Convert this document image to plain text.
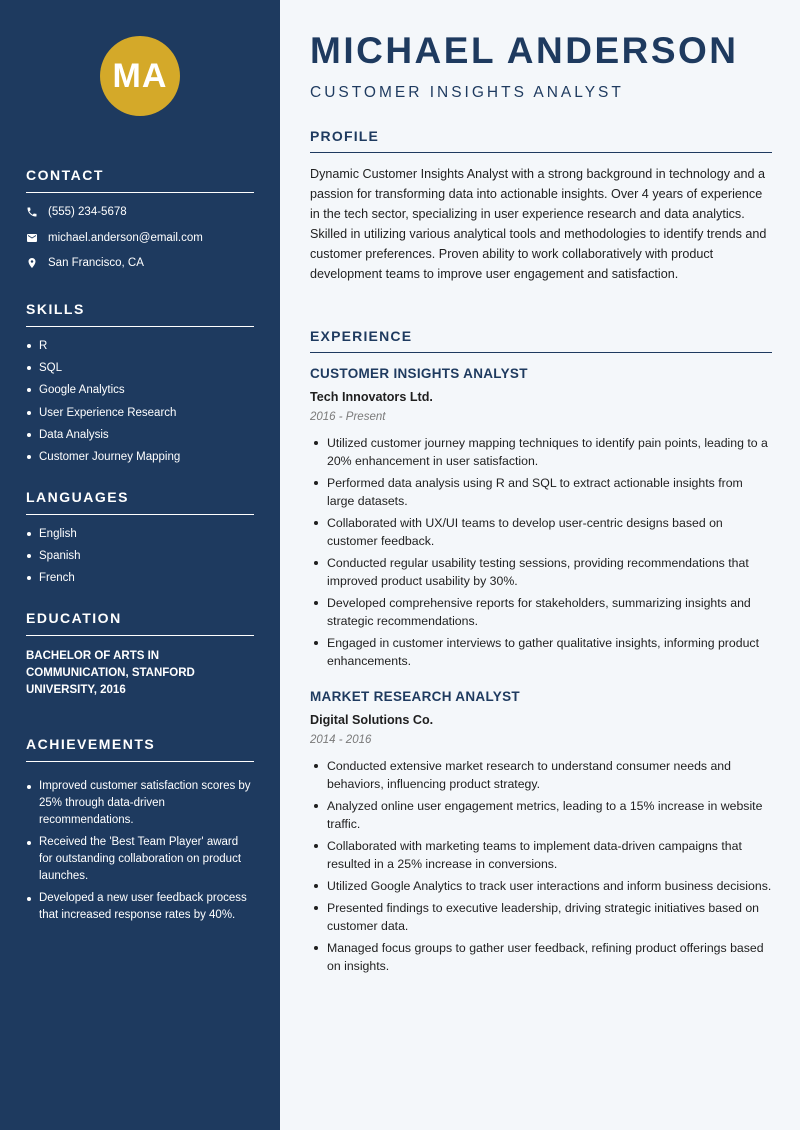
MA
CONTACT
(555) 234-5678
michael.anderson@email.com
San Francisco, CA
SKILLS
R
SQL
Google Analytics
User Experience Research
Data Analysis
Customer Journey Mapping
LANGUAGES
English
Spanish
French
EDUCATION
BACHELOR OF ARTS IN COMMUNICATION, STANFORD UNIVERSITY, 2016
ACHIEVEMENTS
Improved customer satisfaction scores by 25% through data-driven recommendations.
Received the 'Best Team Player' award for outstanding collaboration on product launches.
Developed a new user feedback process that increased response rates by 40%.
MICHAEL ANDERSON
CUSTOMER INSIGHTS ANALYST
PROFILE

Dynamic Customer Insights Analyst with a strong background in technology and a passion for transforming data into actionable insights. Over 4 years of experience in the tech sector, specializing in user experience research and data analytics. Skilled in utilizing various analytical tools and methodologies to identify trends and customer preferences. Proven ability to work collaboratively with product development teams to improve user engagement and satisfaction.

EXPERIENCE
CUSTOMER INSIGHTS ANALYST
Tech Innovators Ltd.
2016 - Present
Utilized customer journey mapping techniques to identify pain points, leading to a 20% enhancement in user satisfaction.
Performed data analysis using R and SQL to extract actionable insights from large datasets.
Collaborated with UX/UI teams to develop user-centric designs based on customer feedback.
Conducted regular usability testing sessions, providing recommendations that improved product usability by 30%.
Developed comprehensive reports for stakeholders, summarizing insights and strategic recommendations.
Engaged in customer interviews to gather qualitative insights, informing product enhancements.
MARKET RESEARCH ANALYST
Digital Solutions Co.
2014 - 2016
Conducted extensive market research to understand consumer needs and behaviors, influencing product strategy.
Analyzed online user engagement metrics, leading to a 15% increase in website traffic.
Collaborated with marketing teams to implement data-driven campaigns that resulted in a 25% increase in conversions.
Utilized Google Analytics to track user interactions and inform business decisions.
Presented findings to executive leadership, driving strategic initiatives based on customer data.
Managed focus groups to gather user feedback, refining product offerings based on insights.
